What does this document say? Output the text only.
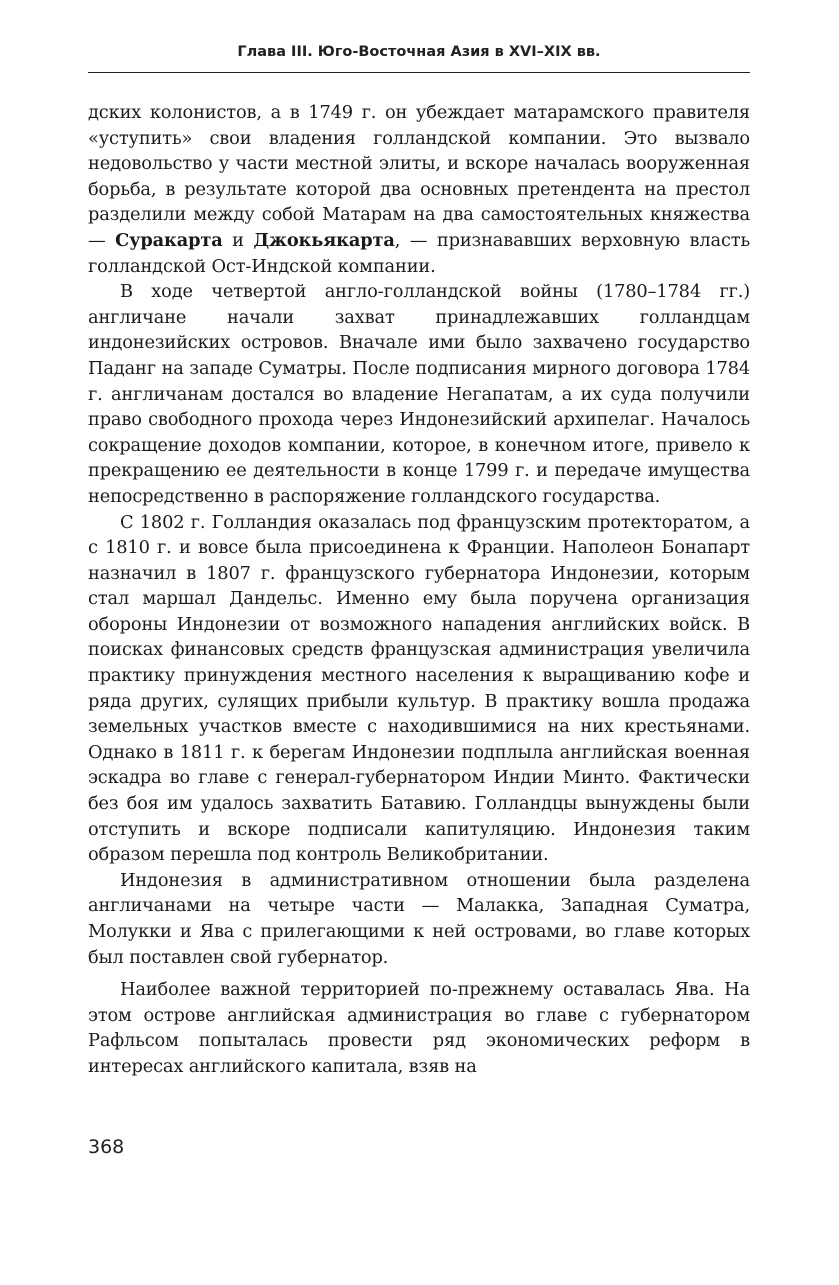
Глава III. Юго-Восточная Азия в XVI–XIX вв.

дских колонистов, а в 1749 г. он убеждает матарамского правителя «уступить» свои владения голландской компании. Это вызвало недовольство у части местной элиты, и вскоре началась вооруженная борьба, в результате которой два основных претендента на престол разделили между собой Матарам на два самостоятельных княжества — Суракарта и Джокьякарта, — признававших верховную власть голландской Ост-Индской компании.

В ходе четвертой англо-голландской войны (1780–1784 гг.) англичане начали захват принадлежавших голландцам индонезийских островов. Вначале ими было захвачено государство Паданг на западе Суматры. После подписания мирного договора 1784 г. англичанам достался во владение Негапатам, а их суда получили право свободного прохода через Индонезийский архипелаг. Началось сокращение доходов компании, которое, в конечном итоге, привело к прекращению ее деятельности в конце 1799 г. и передаче имущества непосредственно в распоряжение голландского государства.

С 1802 г. Голландия оказалась под французским протекторатом, а с 1810 г. и вовсе была присоединена к Франции. Наполеон Бонапарт назначил в 1807 г. французского губернатора Индонезии, которым стал маршал Дандельс. Именно ему была поручена организация обороны Индонезии от возможного нападения английских войск. В поисках финансовых средств французская администрация увеличила практику принуждения местного населения к выращиванию кофе и ряда других, сулящих прибыли культур. В практику вошла продажа земельных участков вместе с находившимися на них крестьянами. Однако в 1811 г. к берегам Индонезии подплыла английская военная эскадра во главе с генерал-губернатором Индии Минто. Фактически без боя им удалось захватить Батавию. Голландцы вынуждены были отступить и вскоре подписали капитуляцию. Индонезия таким образом перешла под контроль Великобритании.

Индонезия в административном отношении была разделена англичанами на четыре части — Малакка, Западная Суматра, Молукки и Ява с прилегающими к ней островами, во главе которых был поставлен свой губернатор.

Наиболее важной территорией по-прежнему оставалась Ява. На этом острове английская администрация во главе с губернатором Рафльсом попыталась провести ряд экономических реформ в интересах английского капитала, взяв на

368
